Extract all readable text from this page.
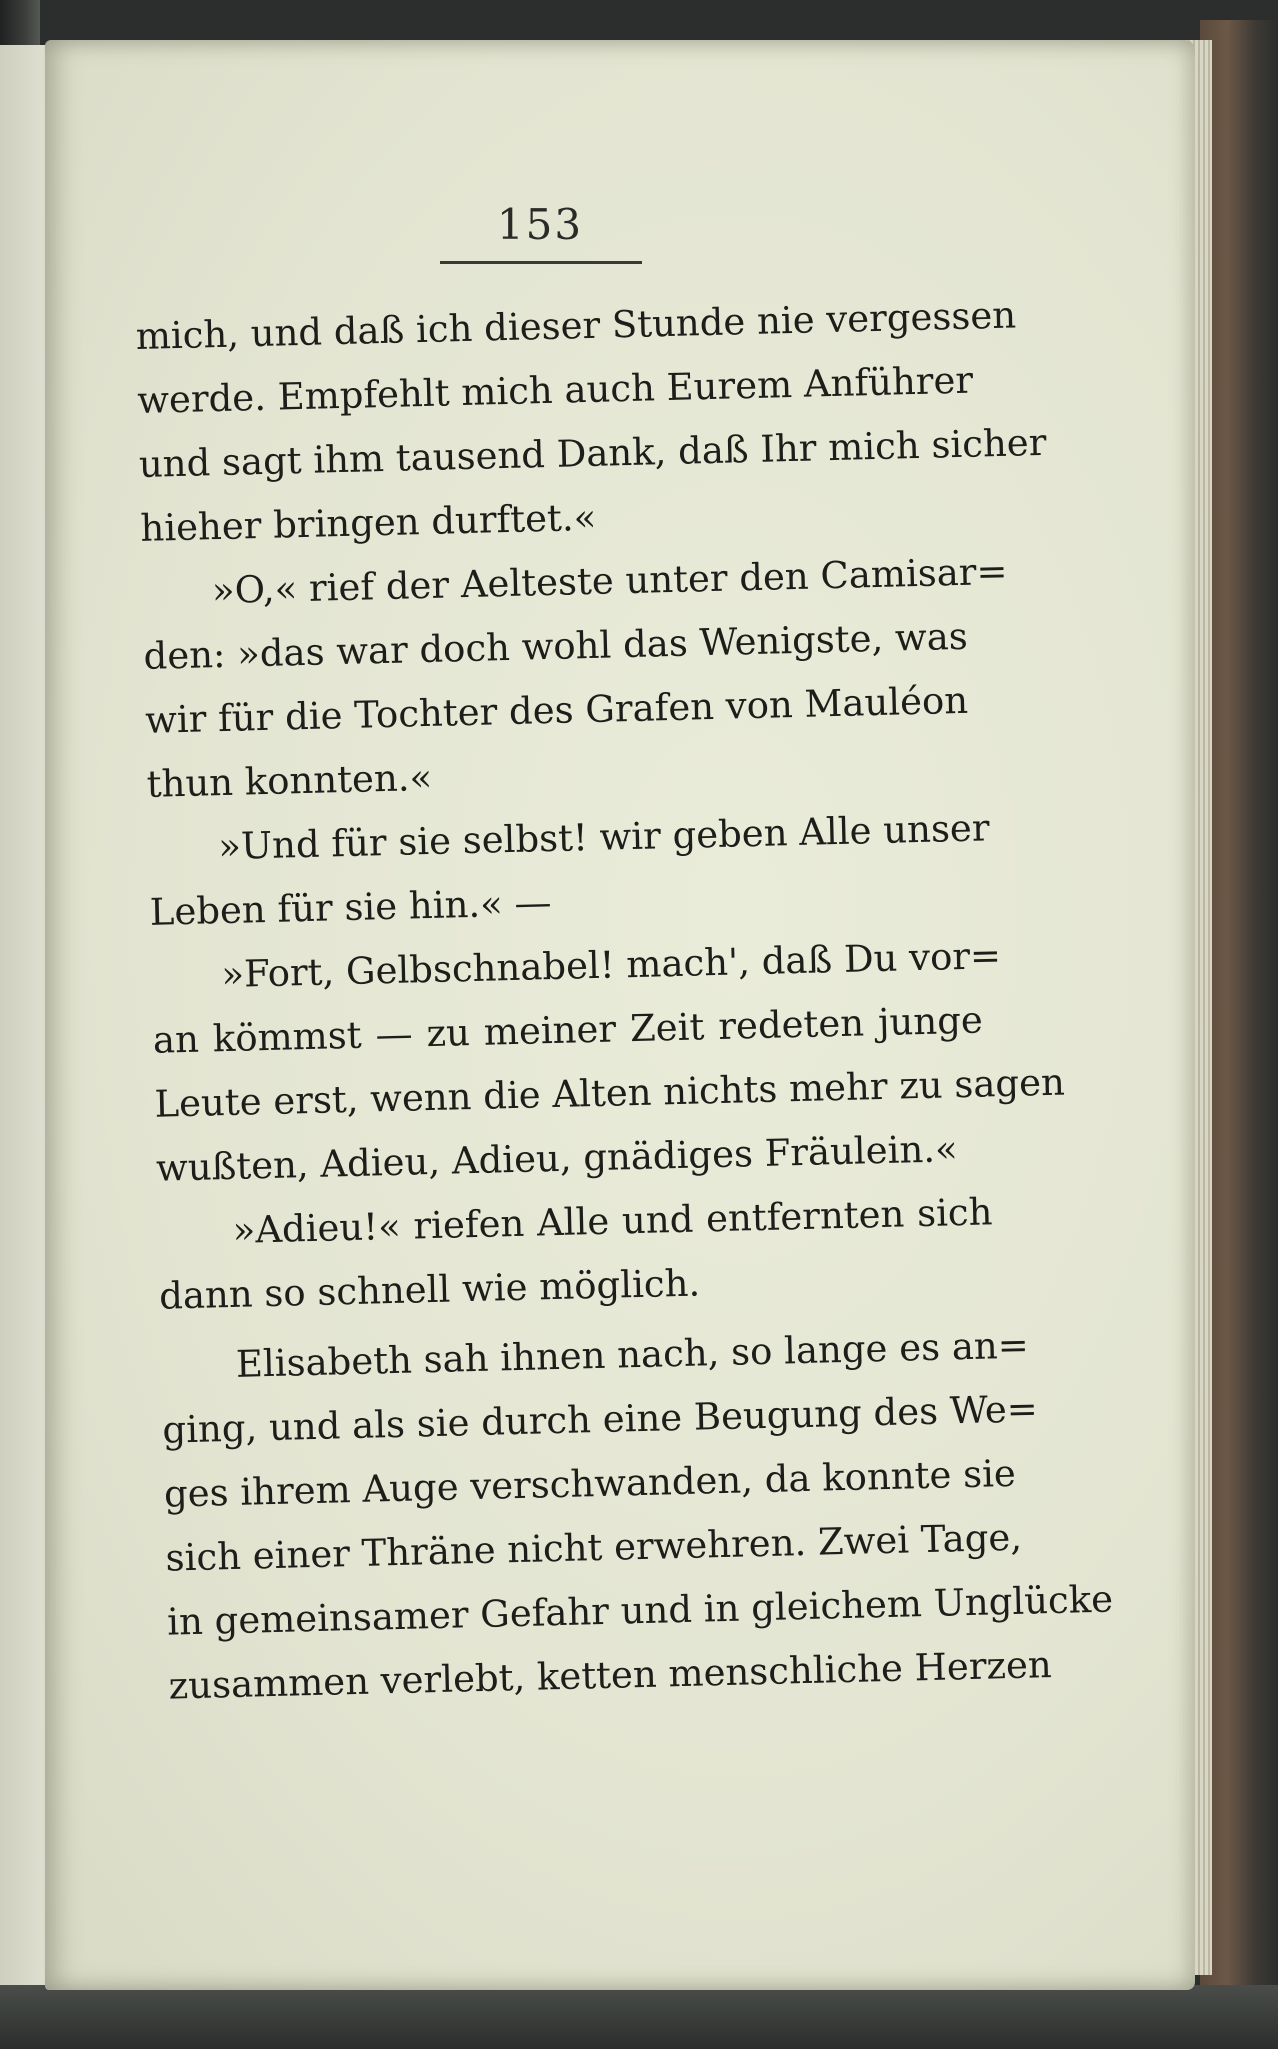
153
mich, und daß ich dieser Stunde nie vergessen
werde. Empfehlt mich auch Eurem Anführer
und sagt ihm tausend Dank, daß Ihr mich sicher
hieher bringen durftet.«
»O,« rief der Aelteste unter den Camisar=
den: »das war doch wohl das Wenigste, was
wir für die Tochter des Grafen von Mauléon
thun konnten.«
»Und für sie selbst! wir geben Alle unser
Leben für sie hin.« —
»Fort, Gelbschnabel! mach', daß Du vor=
an kömmst — zu meiner Zeit redeten junge
Leute erst, wenn die Alten nichts mehr zu sagen
wußten, Adieu, Adieu, gnädiges Fräulein.«
»Adieu!« riefen Alle und entfernten sich
dann so schnell wie möglich.
Elisabeth sah ihnen nach, so lange es an=
ging, und als sie durch eine Beugung des We=
ges ihrem Auge verschwanden, da konnte sie
sich einer Thräne nicht erwehren. Zwei Tage,
in gemeinsamer Gefahr und in gleichem Unglücke
zusammen verlebt, ketten menschliche Herzen
